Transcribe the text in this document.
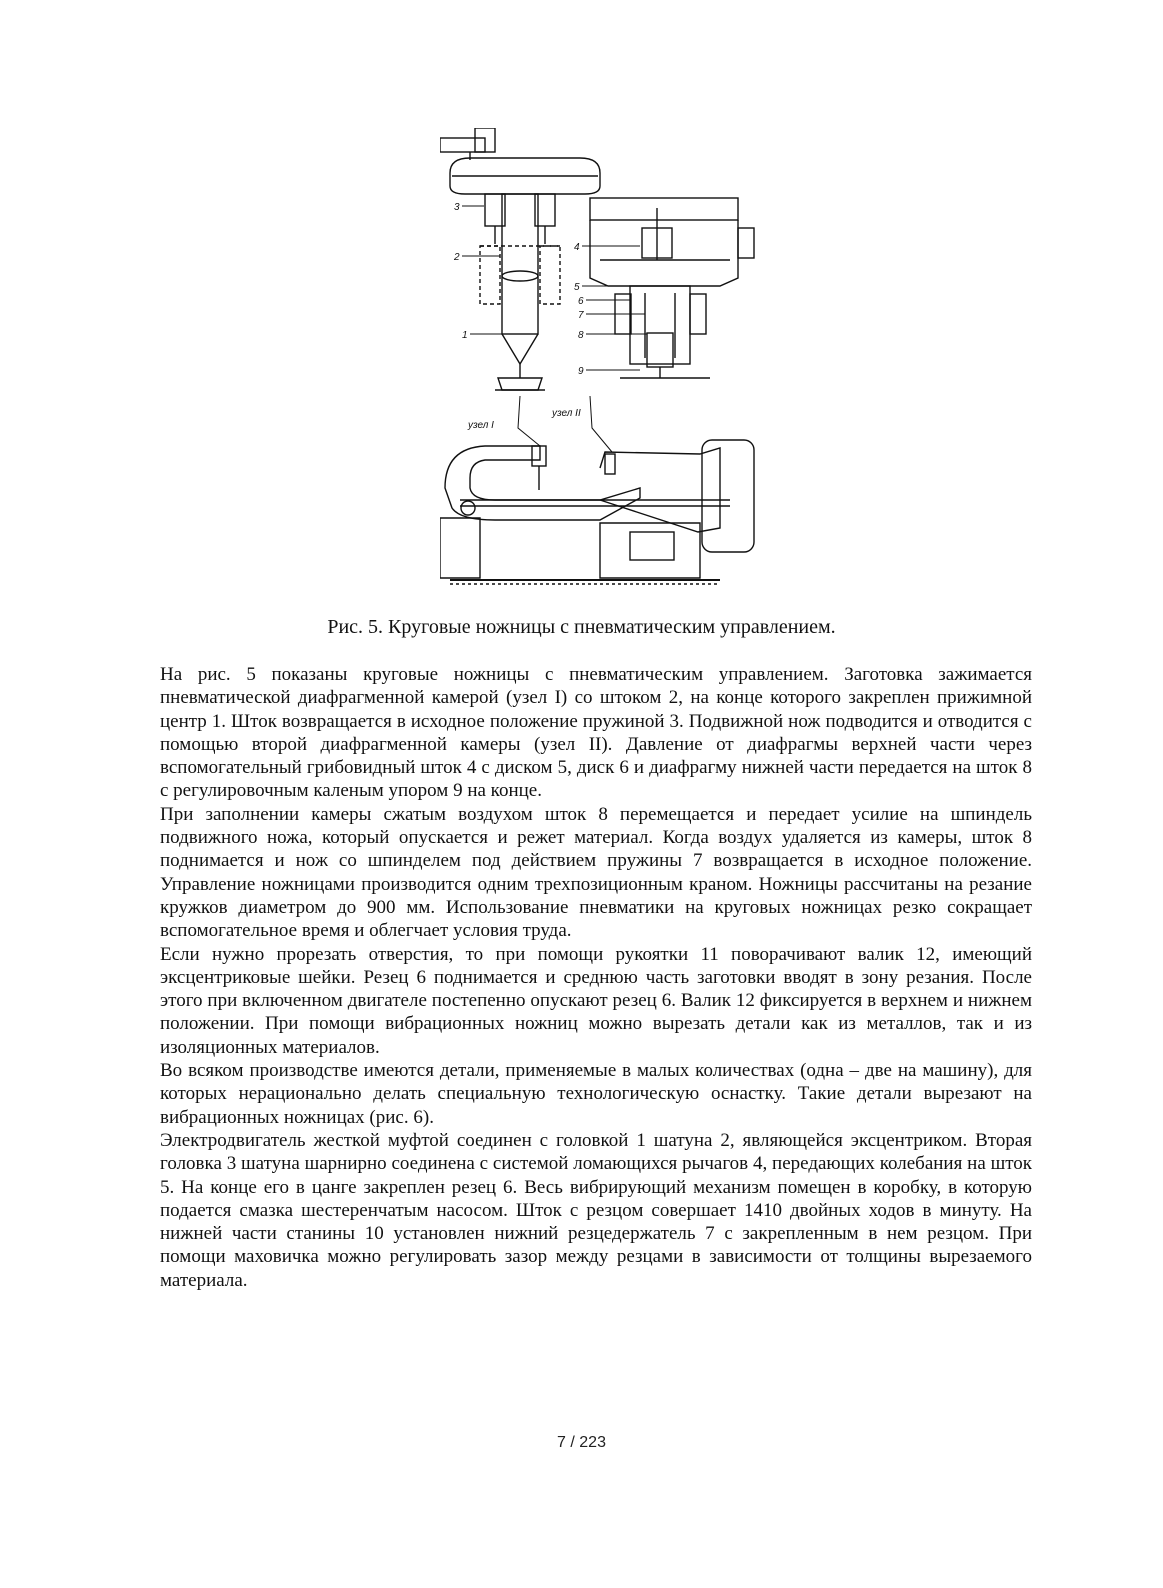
3
2
1
4
5
6
7
8
9
узел I
узел II
Рис. 5. Круговые ножницы с пневматическим управлением.

На рис. 5 показаны круговые ножницы с пневматическим управлением. Заготовка зажимается пневматической диафрагменной камерой (узел I) со штоком 2, на конце которого закреплен прижимной центр 1. Шток возвращается в исходное положение пружиной 3. Подвижной нож подводится и отводится с помощью второй диафрагменной камеры (узел II). Давление от диафрагмы верхней части через вспомогательный грибовидный шток 4 с диском 5, диск 6 и диафрагму нижней части передается на шток 8 с регулировочным каленым упором 9 на конце.

При заполнении камеры сжатым воздухом шток 8 перемещается и передает усилие на шпиндель подвижного ножа, который опускается и режет материал. Когда воздух удаляется из камеры, шток 8 поднимается и нож со шпинделем под действием пружины 7 возвращается в исходное положение. Управление ножницами производится одним трехпозиционным краном. Ножницы рассчитаны на резание кружков диаметром до 900 мм. Использование пневматики на круговых ножницах резко сокращает вспомогательное время и облегчает условия труда.

Если нужно прорезать отверстия, то при помощи рукоятки 11 поворачивают валик 12, имеющий эксцентриковые шейки. Резец 6 поднимается и среднюю часть заготовки вводят в зону резания. После этого при включенном двигателе постепенно опускают резец 6. Валик 12 фиксируется в верхнем и нижнем положении. При помощи вибрационных ножниц можно вырезать детали как из металлов, так и из изоляционных материалов.

Во всяком производстве имеются детали, применяемые в малых количествах (одна – две на машину), для которых нерационально делать специальную технологическую оснастку. Такие детали вырезают на вибрационных ножницах (рис. 6).

Электродвигатель жесткой муфтой соединен с головкой 1 шатуна 2, являющейся эксцентриком. Вторая головка 3 шатуна шарнирно соединена с системой ломающихся рычагов 4, передающих колебания на шток 5. На конце его в цанге закреплен резец 6. Весь вибрирующий механизм помещен в коробку, в которую подается смазка шестеренчатым насосом. Шток с резцом совершает 1410 двойных ходов в минуту. На нижней части станины 10 установлен нижний резцедержатель 7 с закрепленным в нем резцом. При помощи маховичка можно регулировать зазор между резцами в зависимости от толщины вырезаемого материала.

7 / 223
